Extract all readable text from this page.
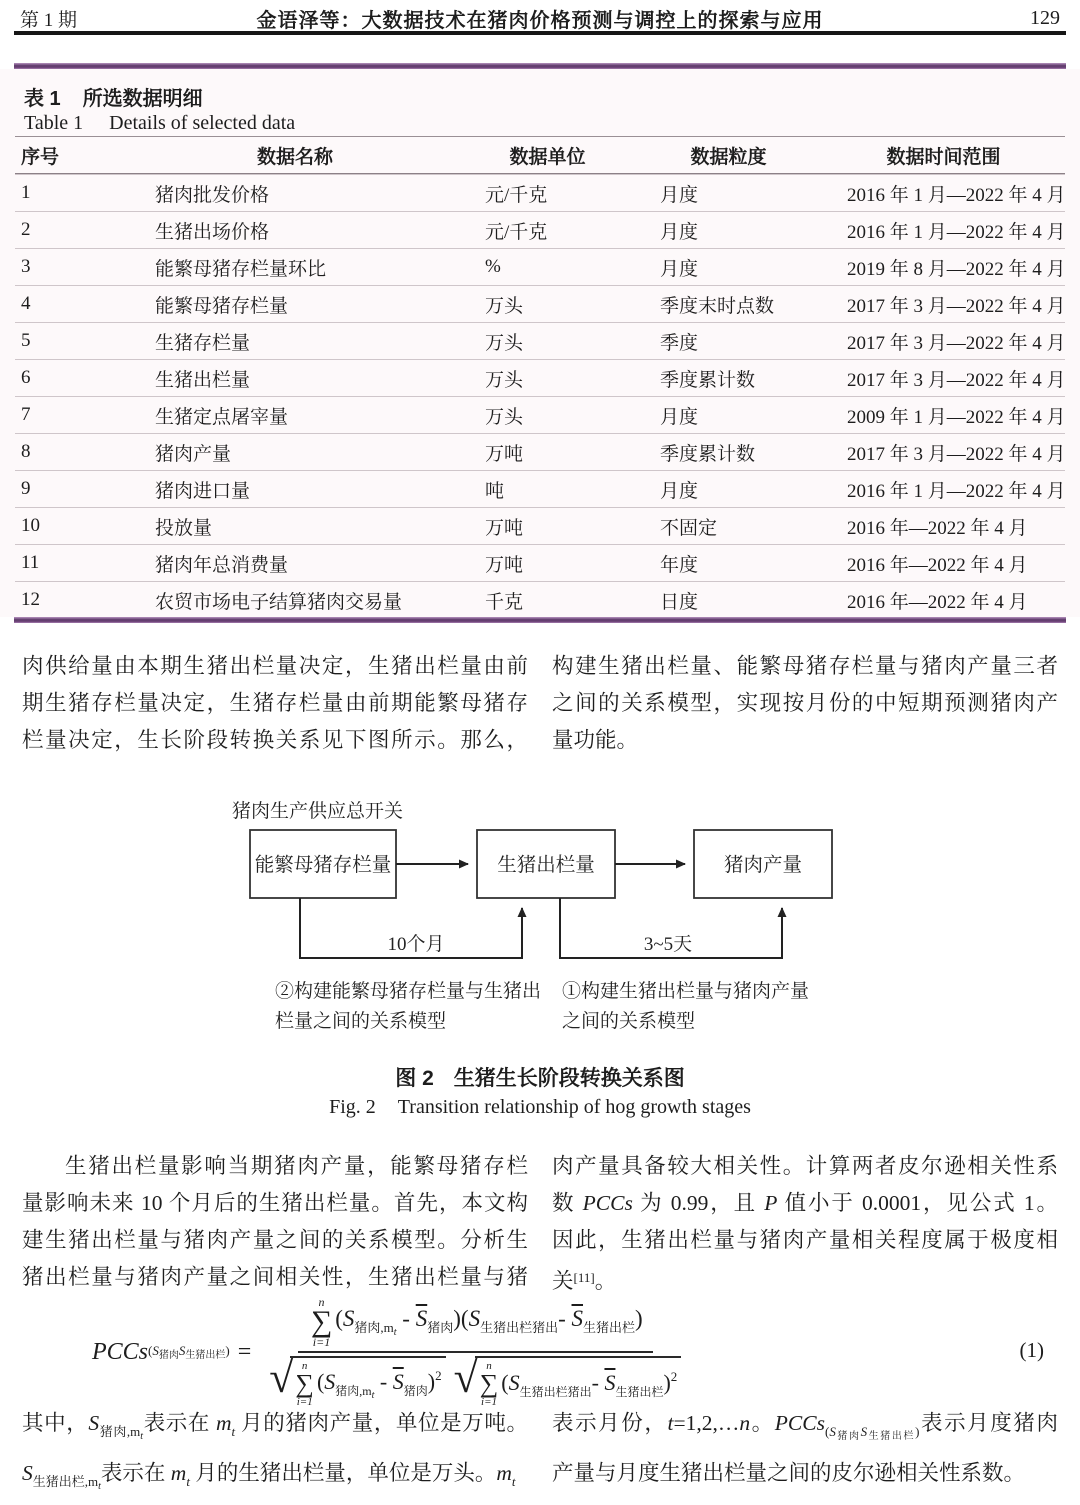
第 1 期	金语泽等：大数据技术在猪肉价格预测与调控上的探索与应用	129
表 1 所选数据明细
Table 1 Details of selected data
序号	数据名称	数据单位	数据粒度	数据时间范围
1	猪肉批发价格	元/千克	月度	2016 年 1 月—2022 年 4 月
2	生猪出场价格	元/千克	月度	2016 年 1 月—2022 年 4 月
3	能繁母猪存栏量环比	%	月度	2019 年 8 月—2022 年 4 月
4	能繁母猪存栏量	万头	季度末时点数	2017 年 3 月—2022 年 4 月
5	生猪存栏量	万头	季度	2017 年 3 月—2022 年 4 月
6	生猪出栏量	万头	季度累计数	2017 年 3 月—2022 年 4 月
7	生猪定点屠宰量	万头	月度	2009 年 1 月—2022 年 4 月
8	猪肉产量	万吨	季度累计数	2017 年 3 月—2022 年 4 月
9	猪肉进口量	吨	月度	2016 年 1 月—2022 年 4 月
10	投放量	万吨	不固定	2016 年—2022 年 4 月
11	猪肉年总消费量	万吨	年度	2016 年—2022 年 4 月
12	农贸市场电子结算猪肉交易量	千克	日度	2016 年—2022 年 4 月
肉供给量由本期生猪出栏量决定，生猪出栏量由前
期生猪存栏量决定，生猪存栏量由前期能繁母猪存
栏量决定，生长阶段转换关系见下图所示。那么，
构建生猪出栏量、能繁母猪存栏量与猪肉产量三者
之间的关系模型，实现按月份的中短期预测猪肉产
量功能。
猪肉生产供应总开关
能繁母猪存栏量	生猪出栏量	猪肉产量
10个月	3~5天
②构建能繁母猪存栏量与生猪出
栏量之间的关系模型
①构建生猪出栏量与猪肉产量
之间的关系模型
图 2 生猪生长阶段转换关系图
Fig. 2 Transition relationship of hog growth stages
生猪出栏量影响当期猪肉产量，能繁母猪存栏
量影响未来 10 个月后的生猪出栏量。首先，本文构
建生猪出栏量与猪肉产量之间的关系模型。分析生
猪出栏量与猪肉产量之间相关性，生猪出栏量与猪
肉产量具备较大相关性。计算两者皮尔逊相关性系
数 PCCs 为 0.99，且 P 值小于 0.0001，见公式 1。
因此，生猪出栏量与猪肉产量相关程度属于极度相
关[11]。
PCCs $(S_{猪肉}S_{生猪出栏})$ =
n
∑
i=1
$(S_{猪肉,m_t} - \overline{S}_{猪肉})(S_{生猪出栏猪出}-$ $\overline{S}_{生猪出栏}$)
√ n
∑
i=1
$(S_{猪肉,m_t} - \overline{S}_{猪肉})^2$ √ n
∑
i=1
($S_{生猪出栏猪出}-$ $\overline{S}_{生猪出栏})^2$
(1)
其中，$S_{猪肉,m_t}$表示在 $m_t$ 月的猪肉产量，单位是万吨。
$S_{生猪出栏,m_t}$表示在 $m_t$ 月的生猪出栏量，单位是万头。$m_t$
表示月份，t=1,2,…n。PCCs$_{(S_{猪肉}S_{生猪出栏})}$表示月度猪肉
产量与月度生猪出栏量之间的皮尔逊相关性系数。
